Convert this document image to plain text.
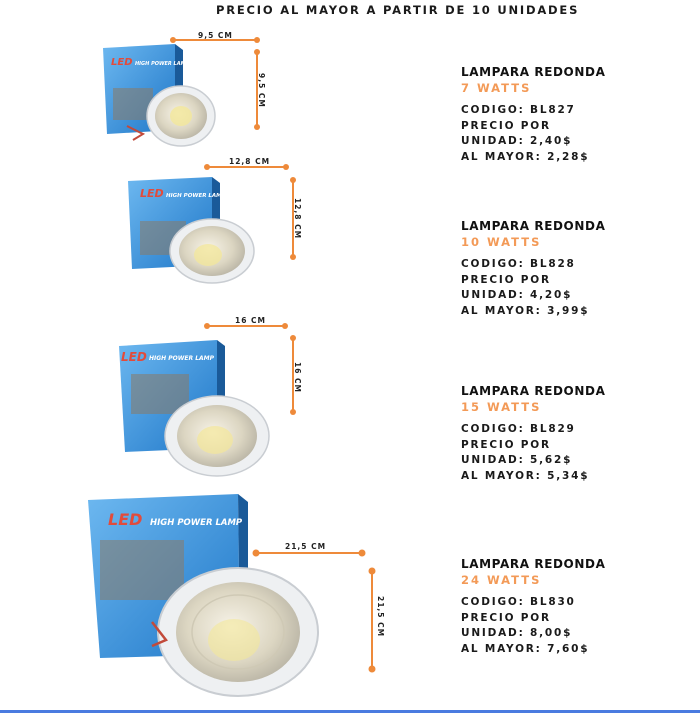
PRECIO AL MAYOR A PARTIR DE 10 UNIDADES
LED HIGH POWER LAMP
9,5 CM
9,5 CM
LAMPARA REDONDA
7 WATTS
CODIGO: BL827
PRECIO POR
UNIDAD: 2,40$
AL MAYOR: 2,28$
LED HIGH POWER LAMP
12,8 CM
12,8 CM	LAMPARA REDONDA
10 WATTS
CODIGO: BL828
PRECIO POR
UNIDAD: 4,20$
AL MAYOR: 3,99$
LED HIGH POWER LAMP
16 CM
16 CM	LAMPARA REDONDA
15 WATTS
CODIGO: BL829
PRECIO POR
UNIDAD: 5,62$
AL MAYOR: 5,34$
LED HIGH POWER LAMP
21,5 CM
21,5 CM
LAMPARA REDONDA
24 WATTS
CODIGO: BL830
PRECIO POR
UNIDAD: 8,00$
AL MAYOR: 7,60$
